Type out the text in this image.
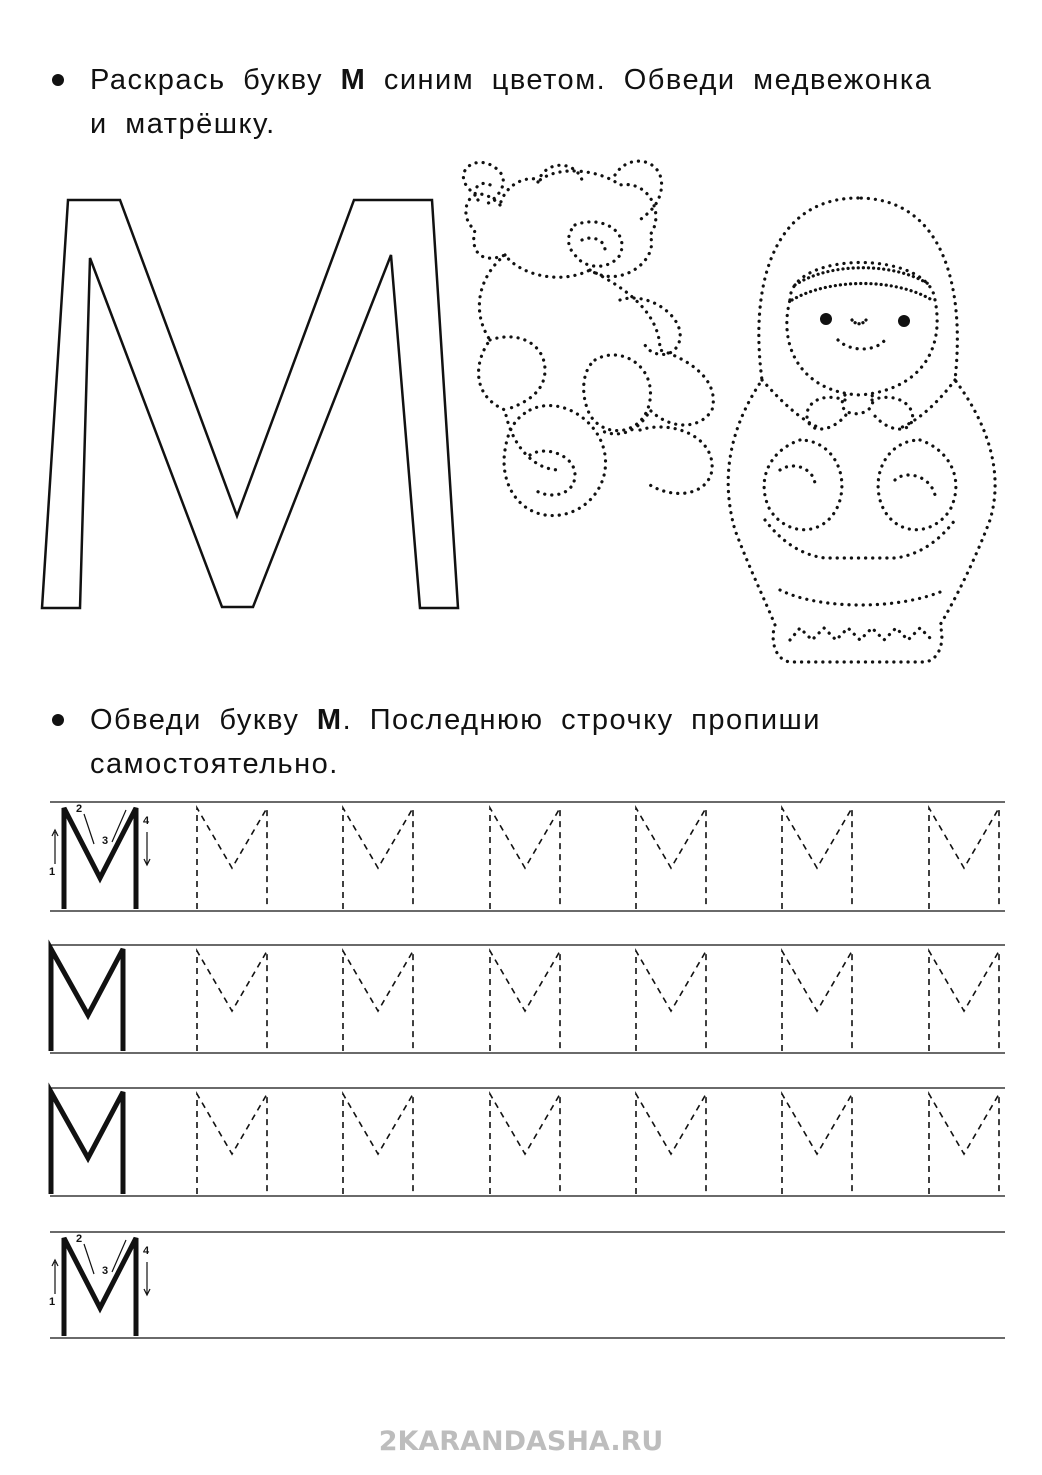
Раскрась букву М синим цветом. Обведи медвежонка
и матрёшку.
Обведи букву М. Последнюю строчку пропиши
самостоятельно.
1
2
3
4
1
2
3
4
2KARANDASHA.RU
